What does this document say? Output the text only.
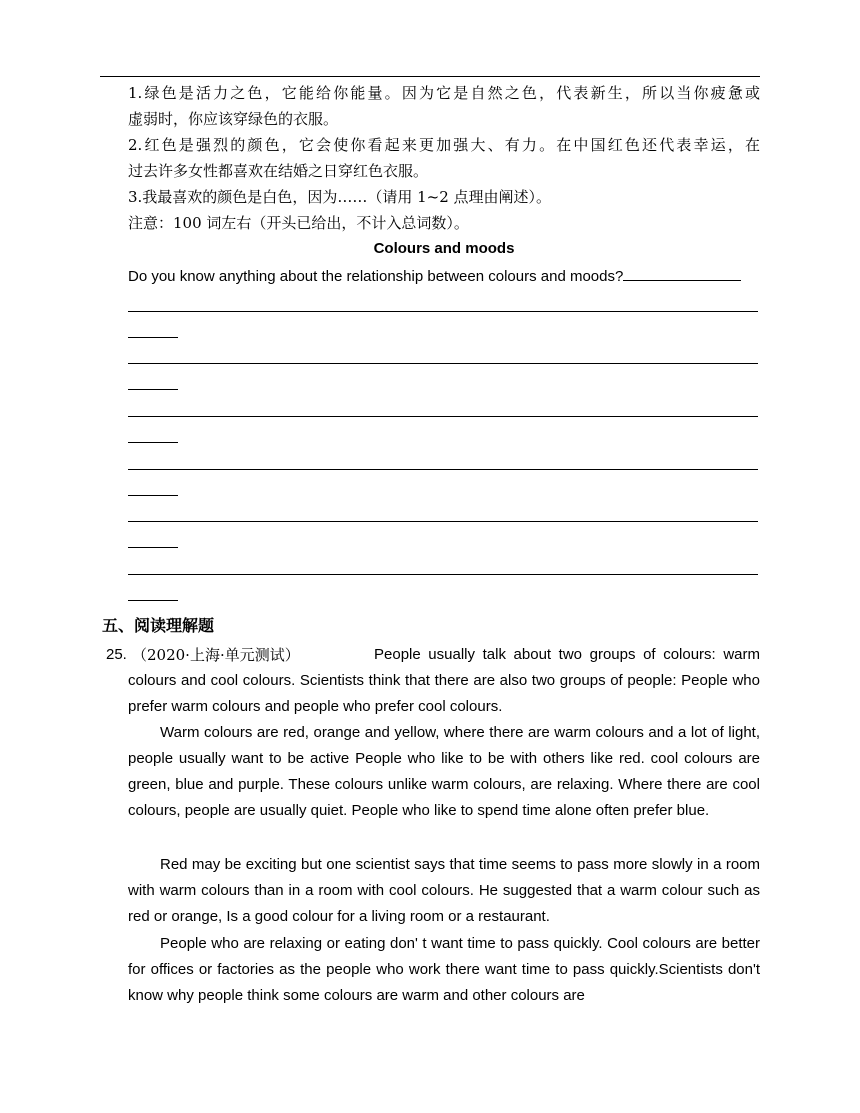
1.绿色是活力之色，它能给你能量。因为它是自然之色，代表新生，所以当你疲惫或
虚弱时，你应该穿绿色的衣服。
2.红色是强烈的颜色，它会使你看起来更加强大、有力。在中国红色还代表幸运，在
过去许多女性都喜欢在结婚之日穿红色衣服。
3.我最喜欢的颜色是白色，因为……（请用 1~2 点理由阐述）。
注意：100 词左右（开头已给出，不计入总词数）。
Colours and moods
Do you know anything about the relationship between colours and moods?
五、阅读理解题
25. （2020·上海·单元测试）	People usually talk about two groups of colours: warm colours and cool colours. Scientists think that there are also two groups of people: People who prefer warm colours and people who prefer cool colours.
Warm colours are red, orange and yellow, where there are warm colours and a lot of light, people usually want to be active People who like to be with others like red. cool colours are green, blue and purple. These colours unlike warm colours, are relaxing. Where there are cool colours, people are usually quiet. People who like to spend time alone often prefer blue.
Red may be exciting but one scientist says that time seems to pass more slowly in a room with warm colours than in a room with cool colours. He suggested that a warm colour such as red or orange, Is a good colour for a living room or a restaurant.
People who are relaxing or eating don' t want time to pass quickly. Cool colours are better for offices or factories as the people who work there want time to pass quickly.Scientists don't know why people think some colours are warm and other colours are
